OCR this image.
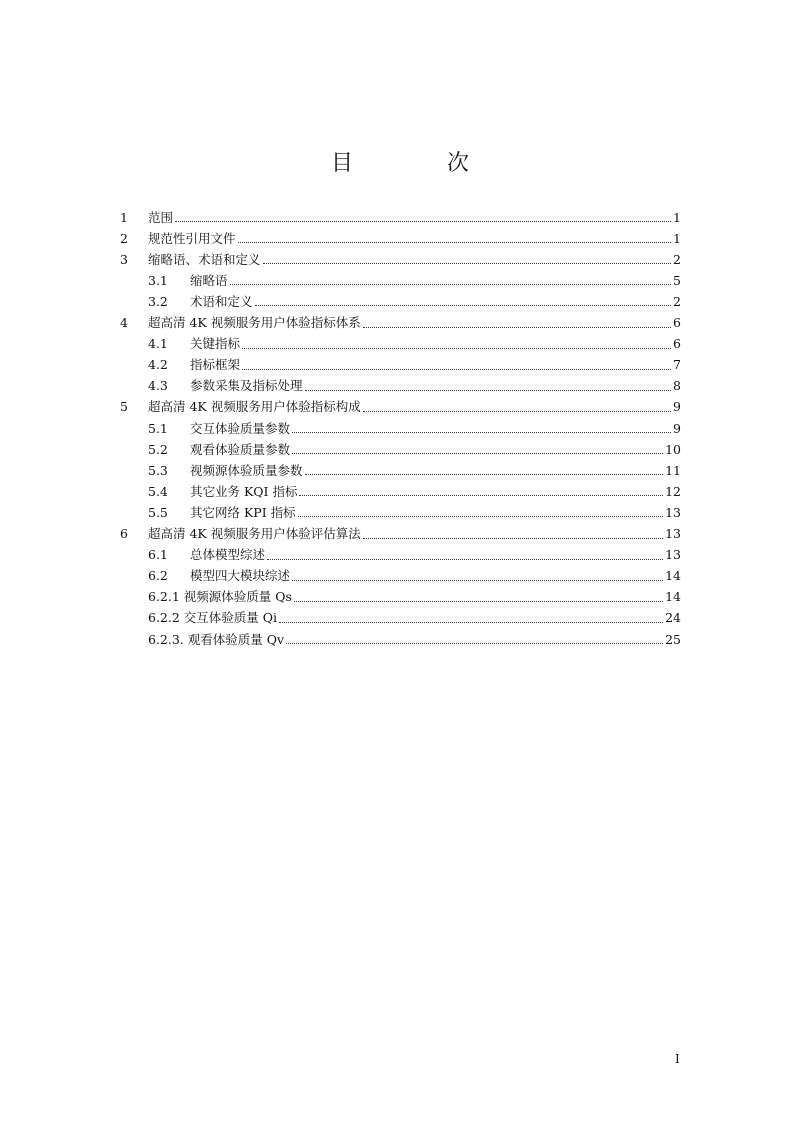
目　次
1	范围	1
2	规范性引用文件	1
3	缩略语、术语和定义	2
3.1	缩略语	5
3.2	术语和定义	2
4	超高清 4K 视频服务用户体验指标体系	6
4.1	关键指标	6
4.2	指标框架	7
4.3	参数采集及指标处理	8
5	超高清 4K 视频服务用户体验指标构成	9
5.1	交互体验质量参数	9
5.2	观看体验质量参数	10
5.3	视频源体验质量参数	11
5.4	其它业务 KQI 指标	12
5.5	其它网络 KPI 指标	13
6	超高清 4K 视频服务用户体验评估算法	13
6.1	总体模型综述	13
6.2	模型四大模块综述	14
6.2.1 视频源体验质量 Qs	14
6.2.2 交互体验质量 Qi	24
6.2.3. 观看体验质量 Qv	25
I
